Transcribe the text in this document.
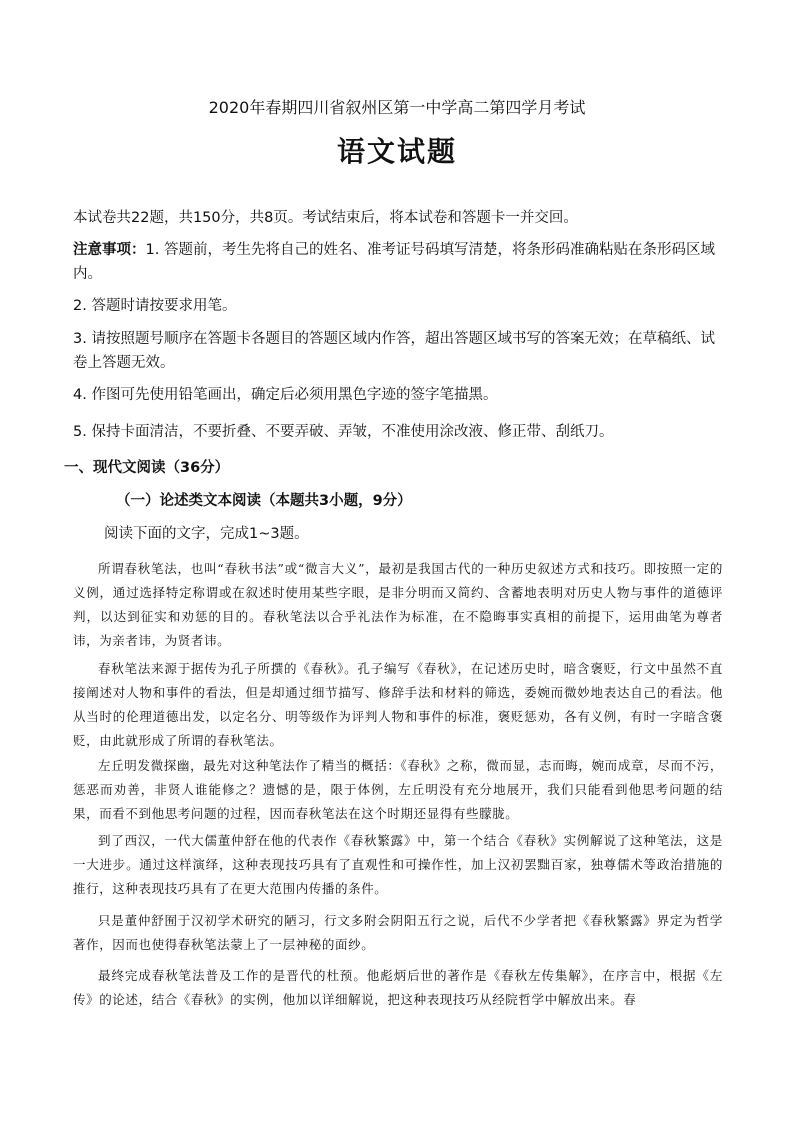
2020年春期四川省叙州区第一中学高二第四学月考试
语文试题
本试卷共22题，共150分，共8页。考试结束后，将本试卷和答题卡一并交回。
注意事项：1. 答题前，考生先将自己的姓名、准考证号码填写清楚，将条形码准确粘贴在条形码区域内。
2. 答题时请按要求用笔。
3. 请按照题号顺序在答题卡各题目的答题区域内作答，超出答题区域书写的答案无效；在草稿纸、试卷上答题无效。
4. 作图可先使用铅笔画出，确定后必须用黑色字迹的签字笔描黑。
5. 保持卡面清洁，不要折叠、不要弄破、弄皱，不准使用涂改液、修正带、刮纸刀。
一、现代文阅读（36分）
（一）论述类文本阅读（本题共3小题，9分）
阅读下面的文字，完成1~3题。
所谓春秋笔法，也叫“春秋书法”或“微言大义”，最初是我国古代的一种历史叙述方式和技巧。即按照一定的义例，通过选择特定称谓或在叙述时使用某些字眼，是非分明而又简约、含蓄地表明对历史人物与事件的道德评判，以达到征实和劝惩的目的。春秋笔法以合乎礼法作为标准，在不隐晦事实真相的前提下，运用曲笔为尊者讳，为亲者讳，为贤者讳。
春秋笔法来源于据传为孔子所撰的《春秋》。孔子编写《春秋》，在记述历史时，暗含褒贬，行文中虽然不直接阐述对人物和事件的看法，但是却通过细节描写、修辞手法和材料的筛选，委婉而微妙地表达自己的看法。他从当时的伦理道德出发，以定名分、明等级作为评判人物和事件的标准，褒贬惩劝，各有义例，有时一字暗含褒贬，由此就形成了所谓的春秋笔法。
左丘明发微探幽，最先对这种笔法作了精当的概括：《春秋》之称，微而显，志而晦，婉而成章，尽而不污，惩恶而劝善，非贤人谁能修之？遗憾的是，限于体例，左丘明没有充分地展开，我们只能看到他思考问题的结果，而看不到他思考问题的过程，因而春秋笔法在这个时期还显得有些朦胧。
到了西汉，一代大儒董仲舒在他的代表作《春秋繁露》中，第一个结合《春秋》实例解说了这种笔法，这是一大进步。通过这样演绎，这种表现技巧具有了直观性和可操作性，加上汉初罢黜百家，独尊儒术等政治措施的推行，这种表现技巧具有了在更大范围内传播的条件。
只是董仲舒囿于汉初学术研究的陋习，行文多附会阴阳五行之说，后代不少学者把《春秋繁露》界定为哲学著作，因而也使得春秋笔法蒙上了一层神秘的面纱。
最终完成春秋笔法普及工作的是晋代的杜预。他彪炳后世的著作是《春秋左传集解》，在序言中，根据《左传》的论述，结合《春秋》的实例，他加以详细解说，把这种表现技巧从经院哲学中解放出来。春
